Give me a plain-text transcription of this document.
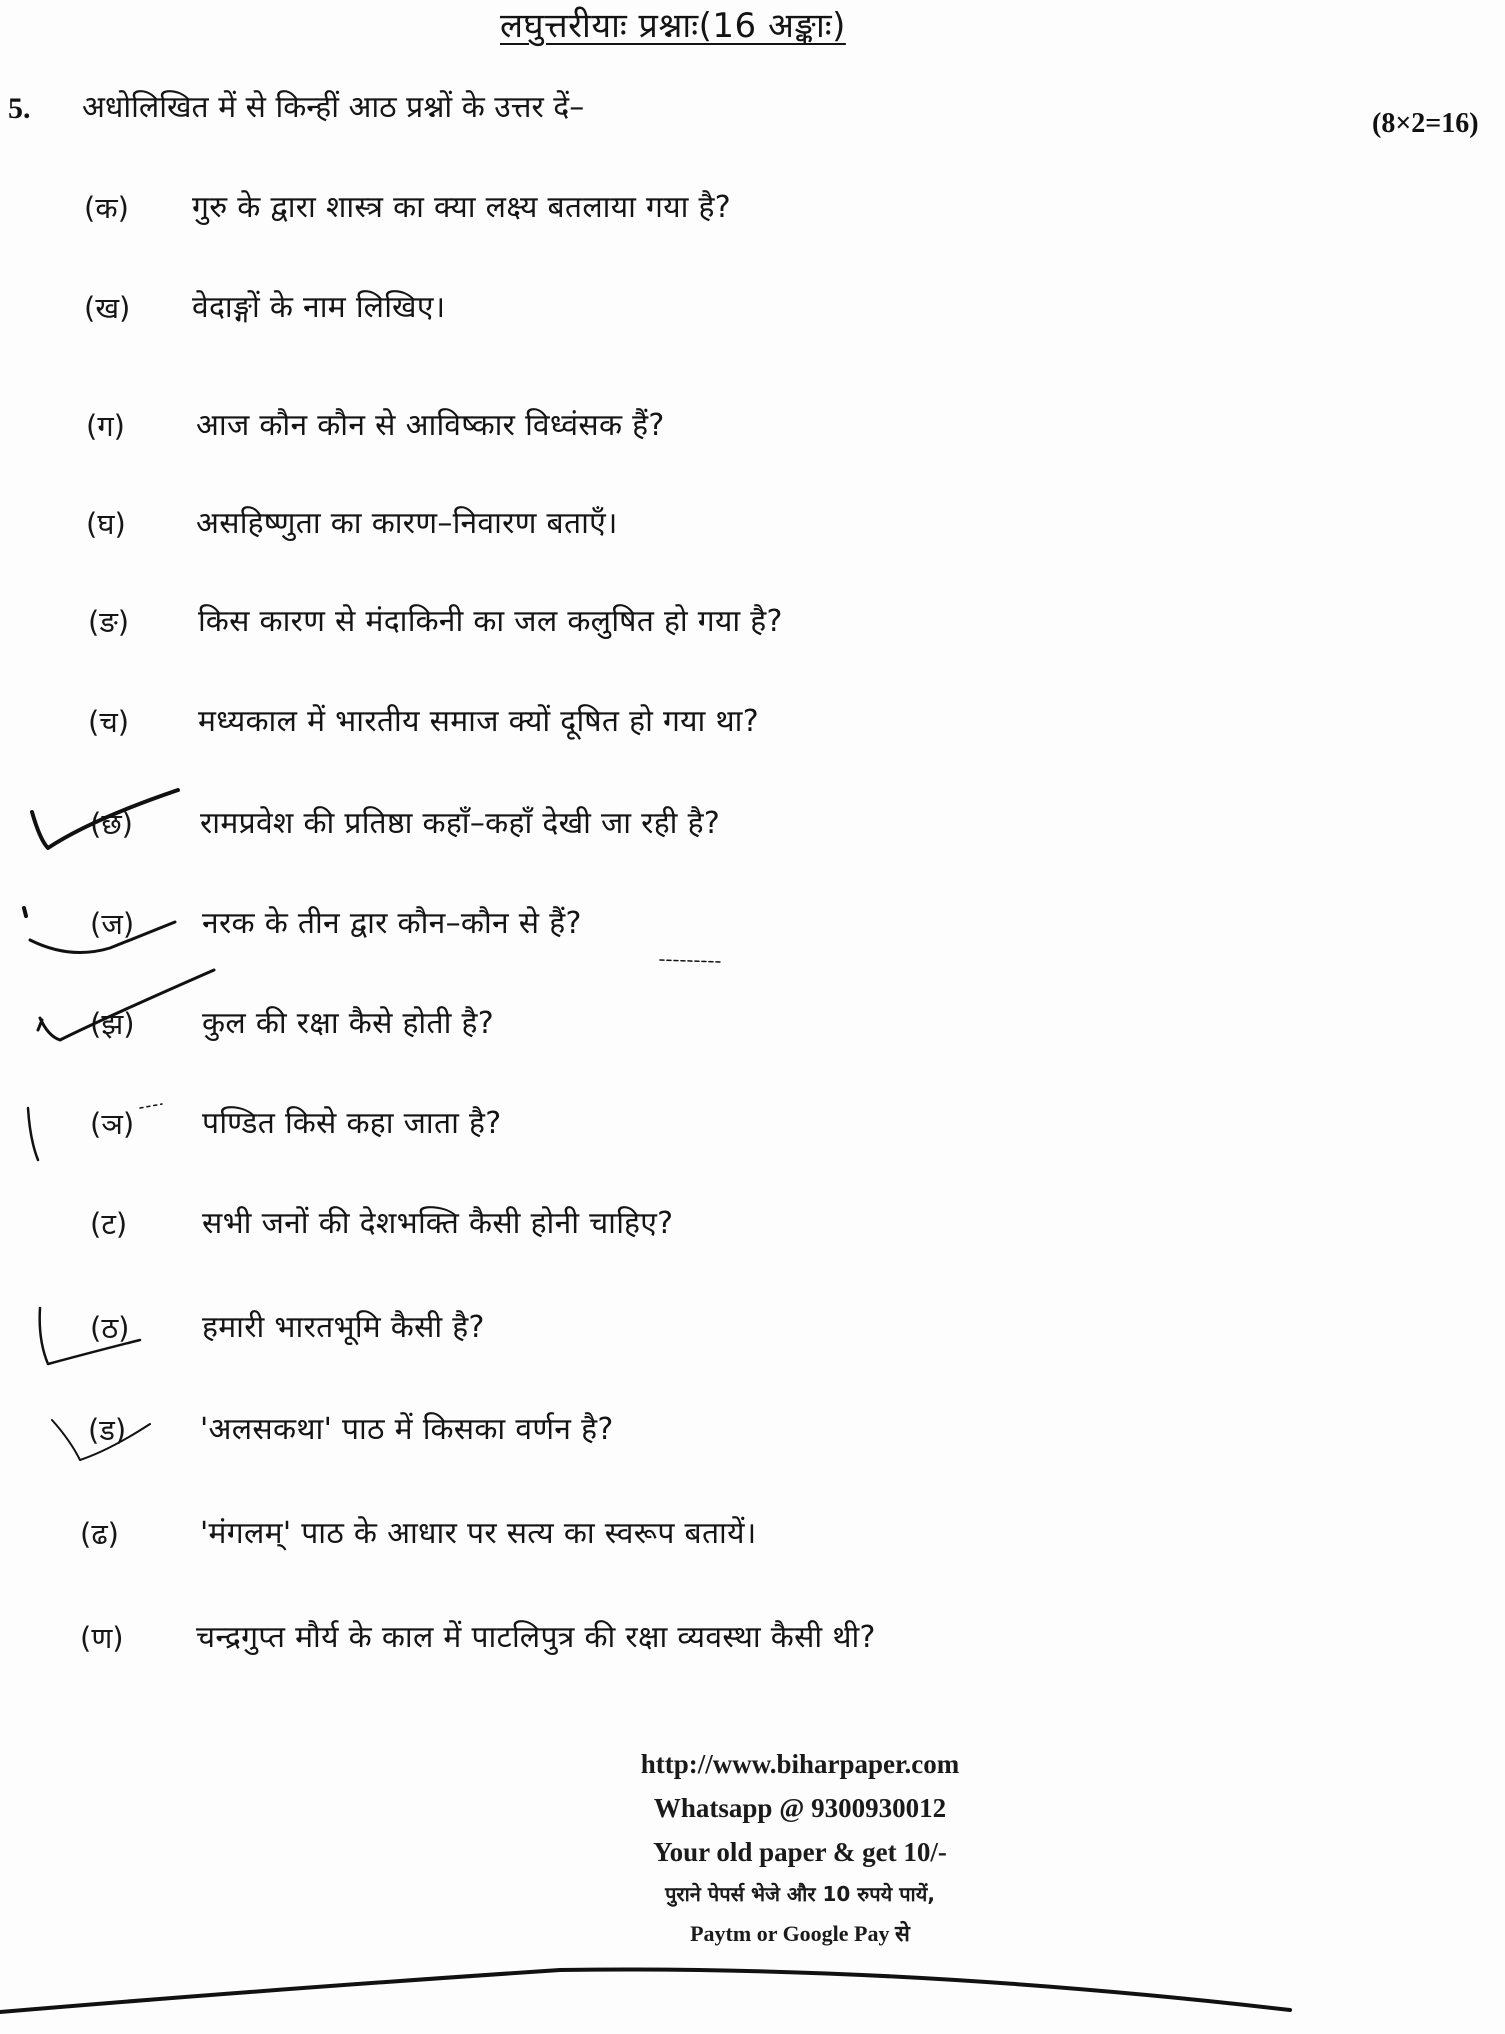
लघुत्तरीयाः प्रश्नाः(16 अङ्काः)
5. अधोलिखित में से किन्हीं आठ प्रश्नों के उत्तर दें–	(8×2=16)
(क) गुरु के द्वारा शास्त्र का क्या लक्ष्य बतलाया गया है?
(ख) वेदाङ्गों के नाम लिखिए।
(ग) आज कौन कौन से आविष्कार विध्वंसक हैं?
(घ) असहिष्णुता का कारण–निवारण बताएँ।
(ङ) किस कारण से मंदाकिनी का जल कलुषित हो गया है?
(च) मध्यकाल में भारतीय समाज क्यों दूषित हो गया था?
(छ) रामप्रवेश की प्रतिष्ठा कहाँ–कहाँ देखी जा रही है?
(ज) नरक के तीन द्वार कौन–कौन से हैं?
(झ) कुल की रक्षा कैसे होती है?
(ञ) पण्डित किसे कहा जाता है?
(ट) सभी जनों की देशभक्ति कैसी होनी चाहिए?
(ठ) हमारी भारतभूमि कैसी है?
(ड) 'अलसकथा' पाठ में किसका वर्णन है?
(ढ)	'मंगलम्' पाठ के आधार पर सत्य का स्वरूप बतायें।
(ण) चन्द्रगुप्त मौर्य के काल में पाटलिपुत्र की रक्षा व्यवस्था कैसी थी?
http://www.biharpaper.com
Whatsapp @ 9300930012
Your old paper & get 10/-
पुराने पेपर्स भेजे और 10 रुपये पायें,
Paytm or Google Pay से
